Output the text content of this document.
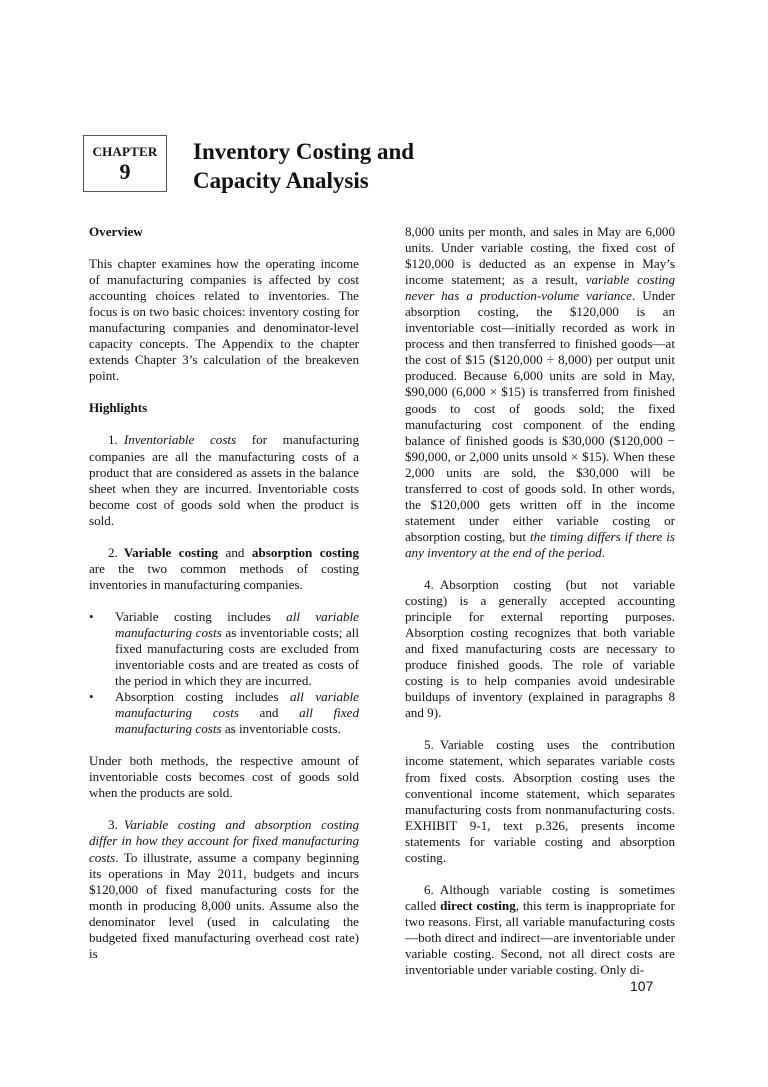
CHAPTER
9
Inventory Costing and
Capacity Analysis

Overview

This chapter examines how the operating income of manufacturing companies is affected by cost accounting choices related to inventories. The focus is on two basic choices: inventory costing for manufacturing companies and denominator-level capacity concepts. The Appendix to the chapter extends Chapter 3’s calculation of the breakeven point.

Highlights

1. Inventoriable costs for manufacturing companies are all the manufacturing costs of a product that are considered as assets in the balance sheet when they are incurred. Inventoriable costs become cost of goods sold when the product is sold.

2. Variable costing and absorption costing are the two common methods of costing inventories in manufacturing companies.

• Variable costing includes all variable manufacturing costs as inventoriable costs; all fixed manufacturing costs are excluded from inventoriable costs and are treated as costs of the period in which they are incurred.
• Absorption costing includes all variable manufacturing costs and all fixed manufacturing costs as inventoriable costs.

Under both methods, the respective amount of inventoriable costs becomes cost of goods sold when the products are sold.

3. Variable costing and absorption costing differ in how they account for fixed manufacturing costs. To illustrate, assume a company beginning its operations in May 2011, budgets and incurs $120,000 of fixed manufacturing costs for the month in producing 8,000 units. Assume also the denominator level (used in calculating the budgeted fixed manufacturing overhead cost rate) is

8,000 units per month, and sales in May are 6,000 units. Under variable costing, the fixed cost of $120,000 is deducted as an expense in May’s income statement; as a result, variable costing never has a production-volume variance. Under absorption costing, the $120,000 is an inventoriable cost—initially recorded as work in process and then transferred to finished goods—at the cost of $15 ($120,000 ÷ 8,000) per output unit produced. Because 6,000 units are sold in May, $90,000 (6,000 × $15) is transferred from finished goods to cost of goods sold; the fixed manufacturing cost component of the ending balance of finished goods is $30,000 ($120,000 − $90,000, or 2,000 units unsold × $15). When these 2,000 units are sold, the $30,000 will be transferred to cost of goods sold. In other words, the $120,000 gets written off in the income statement under either variable costing or absorption costing, but the timing differs if there is any inventory at the end of the period.

4. Absorption costing (but not variable costing) is a generally accepted accounting principle for external reporting purposes. Absorption costing recognizes that both variable and fixed manufacturing costs are necessary to produce finished goods. The role of variable costing is to help companies avoid undesirable buildups of inventory (explained in paragraphs 8 and 9).

5. Variable costing uses the contribution income statement, which separates variable costs from fixed costs. Absorption costing uses the conventional income statement, which separates manufacturing costs from nonmanufacturing costs. EXHIBIT 9-1, text p.326, presents income statements for variable costing and absorption costing.

6. Although variable costing is sometimes called direct costing, this term is inappropriate for two reasons. First, all variable manufacturing costs—both direct and indirect—are inventoriable under variable costing. Second, not all direct costs are inventoriable under variable costing. Only di-

107
